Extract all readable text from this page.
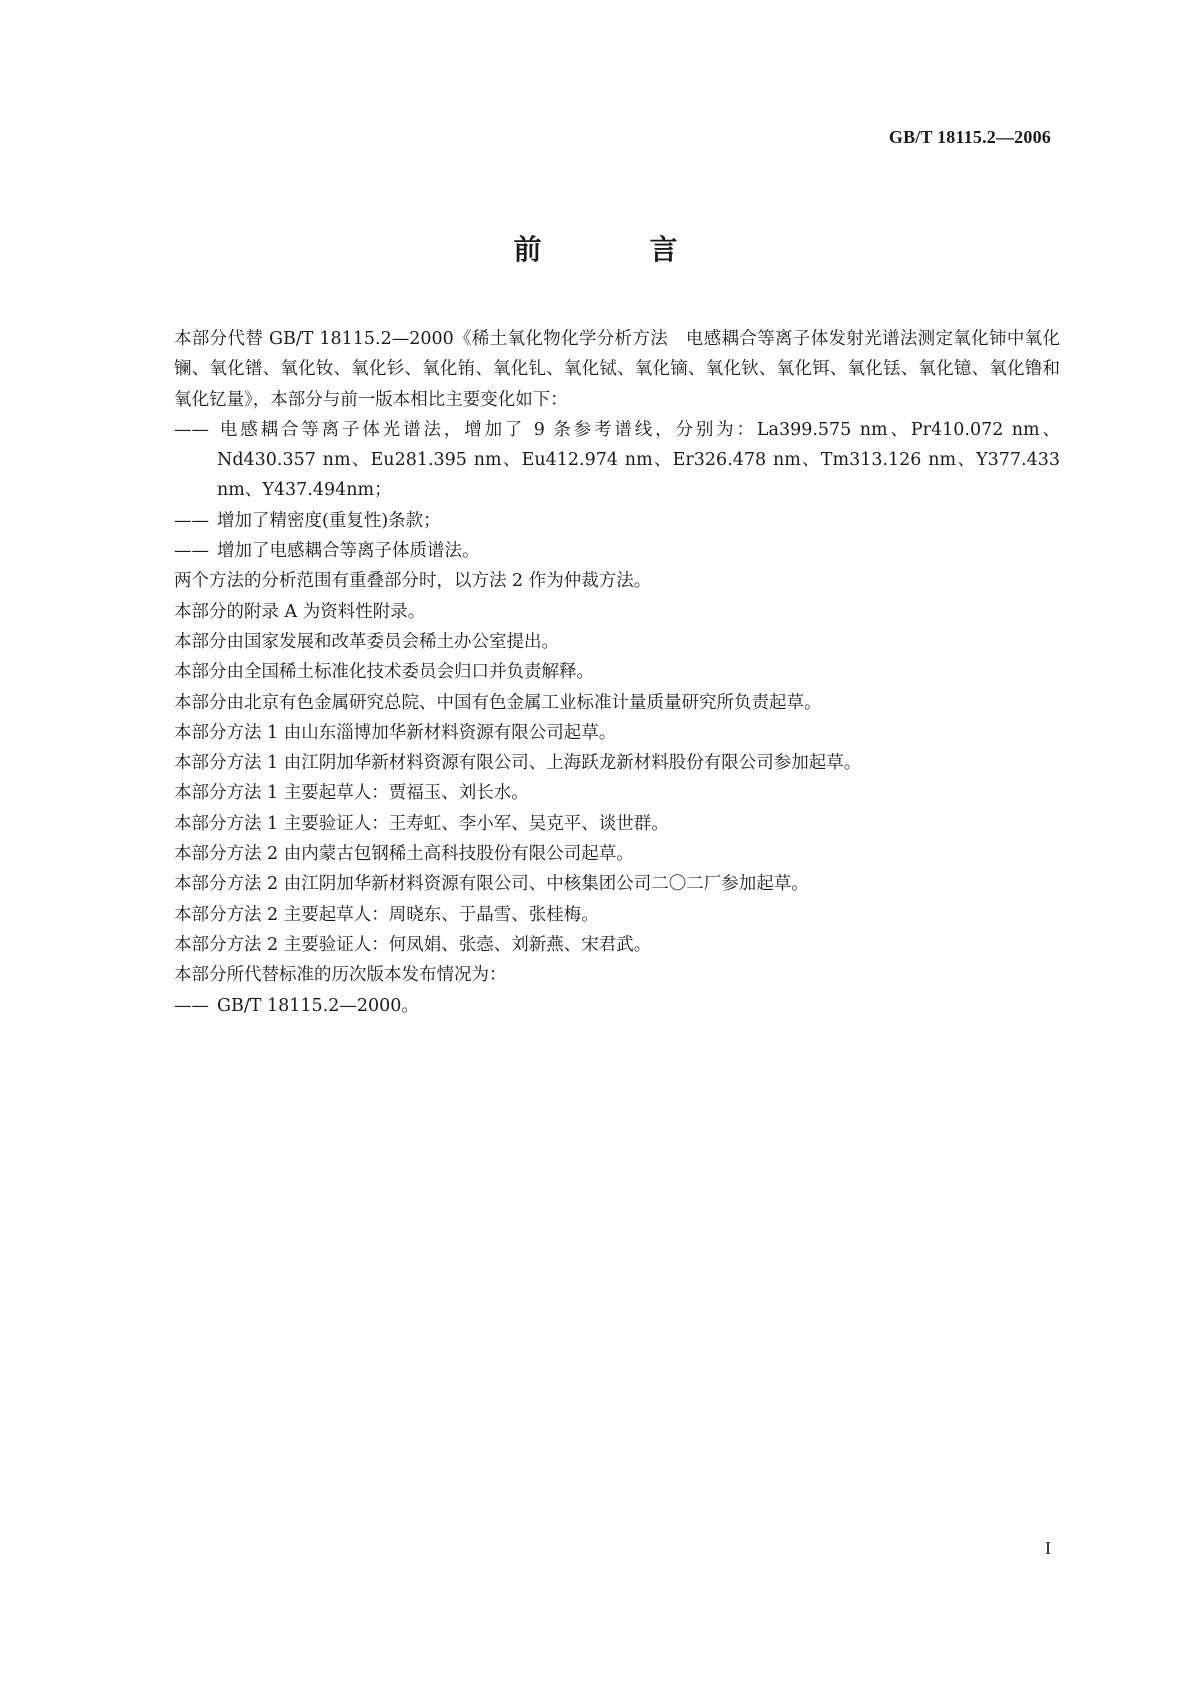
GB/T 18115.2—2006
前　言

本部分代替 GB/T 18115.2—2000《稀土氧化物化学分析方法　电感耦合等离子体发射光谱法测定氧化铈中氧化镧、氧化镨、氧化钕、氧化钐、氧化铕、氧化钆、氧化铽、氧化镝、氧化钬、氧化铒、氧化铥、氧化镱、氧化镥和氧化钇量》，本部分与前一版本相比主要变化如下：

—— 电感耦合等离子体光谱法，增加了 9 条参考谱线，分别为：La399.575 nm、Pr410.072 nm、Nd430.357 nm、Eu281.395 nm、Eu412.974 nm、Er326.478 nm、Tm313.126 nm、Y377.433 nm、Y437.494nm；

—— 增加了精密度(重复性)条款；

—— 增加了电感耦合等离子体质谱法。

两个方法的分析范围有重叠部分时，以方法 2 作为仲裁方法。

本部分的附录 A 为资料性附录。

本部分由国家发展和改革委员会稀土办公室提出。

本部分由全国稀土标准化技术委员会归口并负责解释。

本部分由北京有色金属研究总院、中国有色金属工业标准计量质量研究所负责起草。

本部分方法 1 由山东淄博加华新材料资源有限公司起草。

本部分方法 1 由江阴加华新材料资源有限公司、上海跃龙新材料股份有限公司参加起草。

本部分方法 1 主要起草人：贾福玉、刘长水。

本部分方法 1 主要验证人：王寿虹、李小军、吴克平、谈世群。

本部分方法 2 由内蒙古包钢稀土高科技股份有限公司起草。

本部分方法 2 由江阴加华新材料资源有限公司、中核集团公司二〇二厂参加起草。

本部分方法 2 主要起草人：周晓东、于晶雪、张桂梅。

本部分方法 2 主要验证人：何凤娟、张悫、刘新燕、宋君武。

本部分所代替标准的历次版本发布情况为：

—— GB/T 18115.2—2000。

I
